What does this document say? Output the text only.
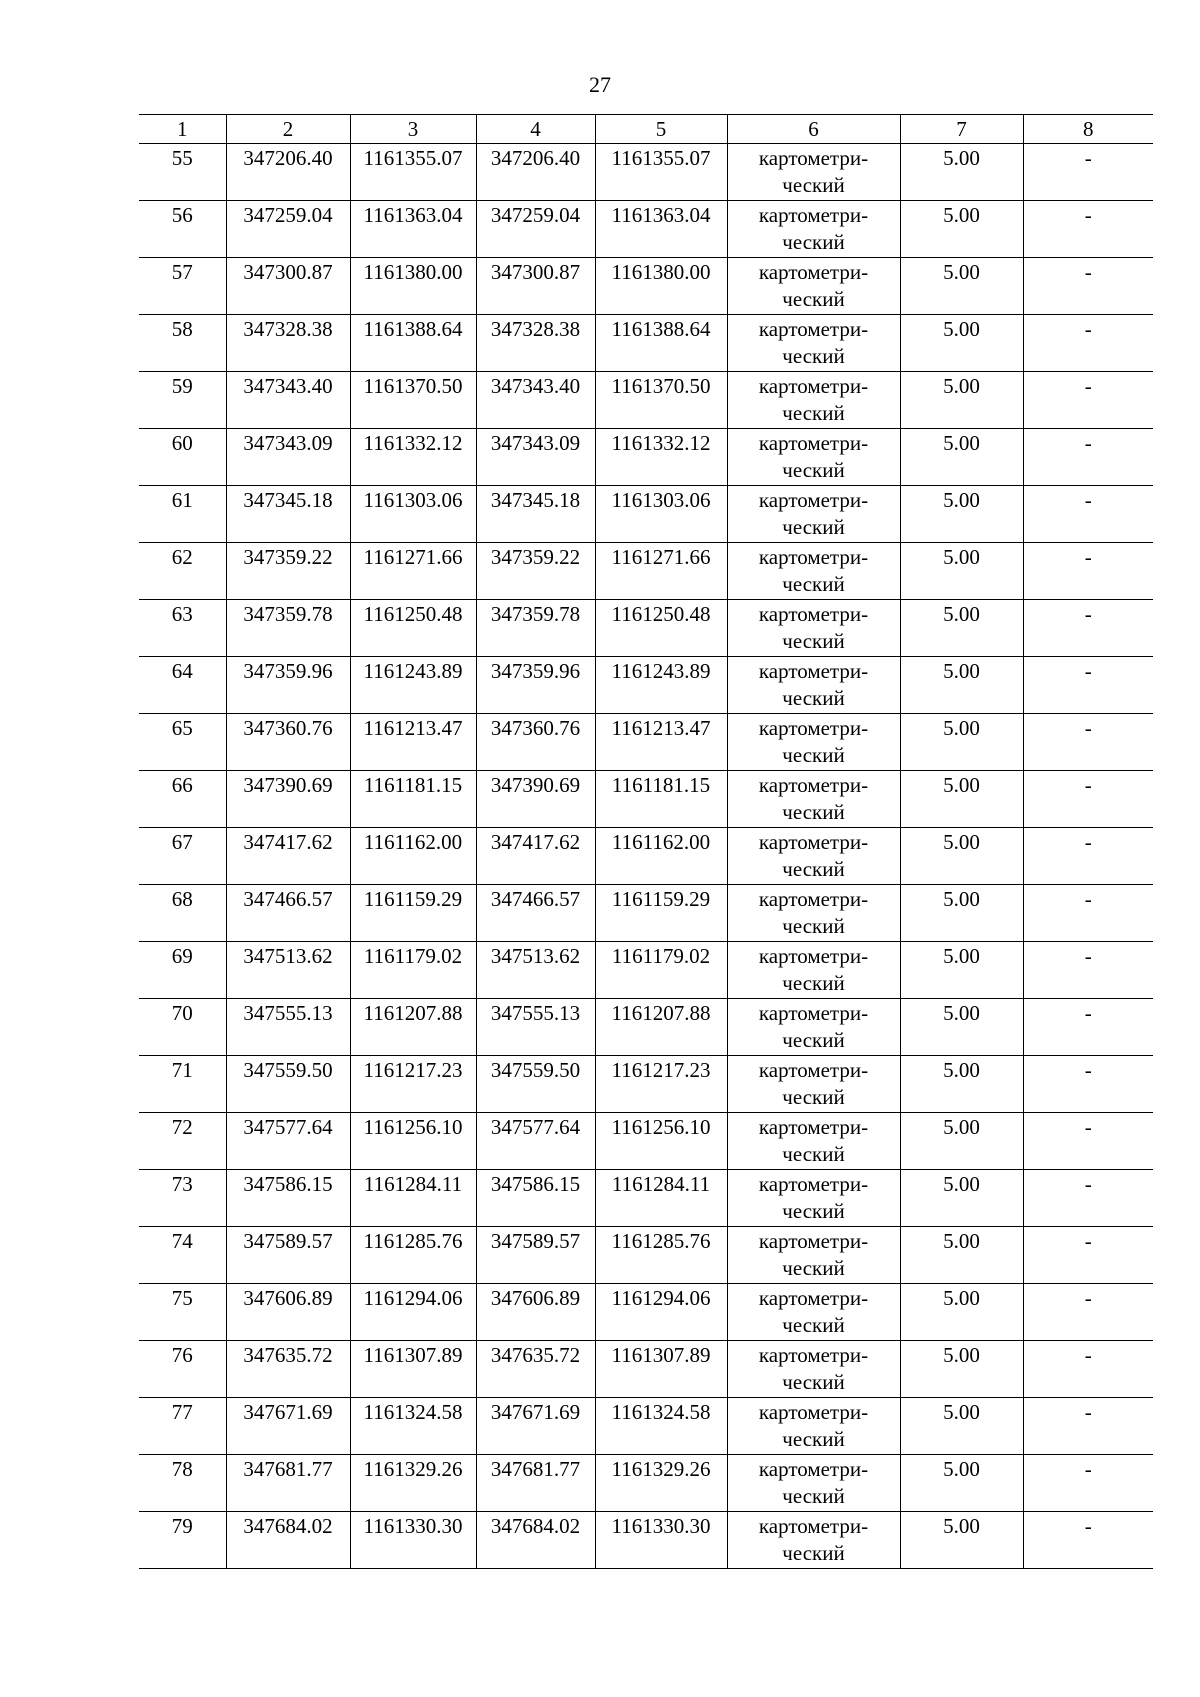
27
1	2	3	4	5	6	7	8
55	347206.40	1161355.07	347206.40	1161355.07	картометри-
ческий	5.00	-
56	347259.04	1161363.04	347259.04	1161363.04	картометри-
ческий	5.00	-
57	347300.87	1161380.00	347300.87	1161380.00	картометри-
ческий	5.00	-
58	347328.38	1161388.64	347328.38	1161388.64	картометри-
ческий	5.00	-
59	347343.40	1161370.50	347343.40	1161370.50	картометри-
ческий	5.00	-
60	347343.09	1161332.12	347343.09	1161332.12	картометри-
ческий	5.00	-
61	347345.18	1161303.06	347345.18	1161303.06	картометри-
ческий	5.00	-
62	347359.22	1161271.66	347359.22	1161271.66	картометри-
ческий	5.00	-
63	347359.78	1161250.48	347359.78	1161250.48	картометри-
ческий	5.00	-
64	347359.96	1161243.89	347359.96	1161243.89	картометри-
ческий	5.00	-
65	347360.76	1161213.47	347360.76	1161213.47	картометри-
ческий	5.00	-
66	347390.69	1161181.15	347390.69	1161181.15	картометри-
ческий	5.00	-
67	347417.62	1161162.00	347417.62	1161162.00	картометри-
ческий	5.00	-
68	347466.57	1161159.29	347466.57	1161159.29	картометри-
ческий	5.00	-
69	347513.62	1161179.02	347513.62	1161179.02	картометри-
ческий	5.00	-
70	347555.13	1161207.88	347555.13	1161207.88	картометри-
ческий	5.00	-
71	347559.50	1161217.23	347559.50	1161217.23	картометри-
ческий	5.00	-
72	347577.64	1161256.10	347577.64	1161256.10	картометри-
ческий	5.00	-
73	347586.15	1161284.11	347586.15	1161284.11	картометри-
ческий	5.00	-
74	347589.57	1161285.76	347589.57	1161285.76	картометри-
ческий	5.00	-
75	347606.89	1161294.06	347606.89	1161294.06	картометри-
ческий	5.00	-
76	347635.72	1161307.89	347635.72	1161307.89	картометри-
ческий	5.00	-
77	347671.69	1161324.58	347671.69	1161324.58	картометри-
ческий	5.00	-
78	347681.77	1161329.26	347681.77	1161329.26	картометри-
ческий	5.00	-
79	347684.02	1161330.30	347684.02	1161330.30	картометри-
ческий	5.00	-
